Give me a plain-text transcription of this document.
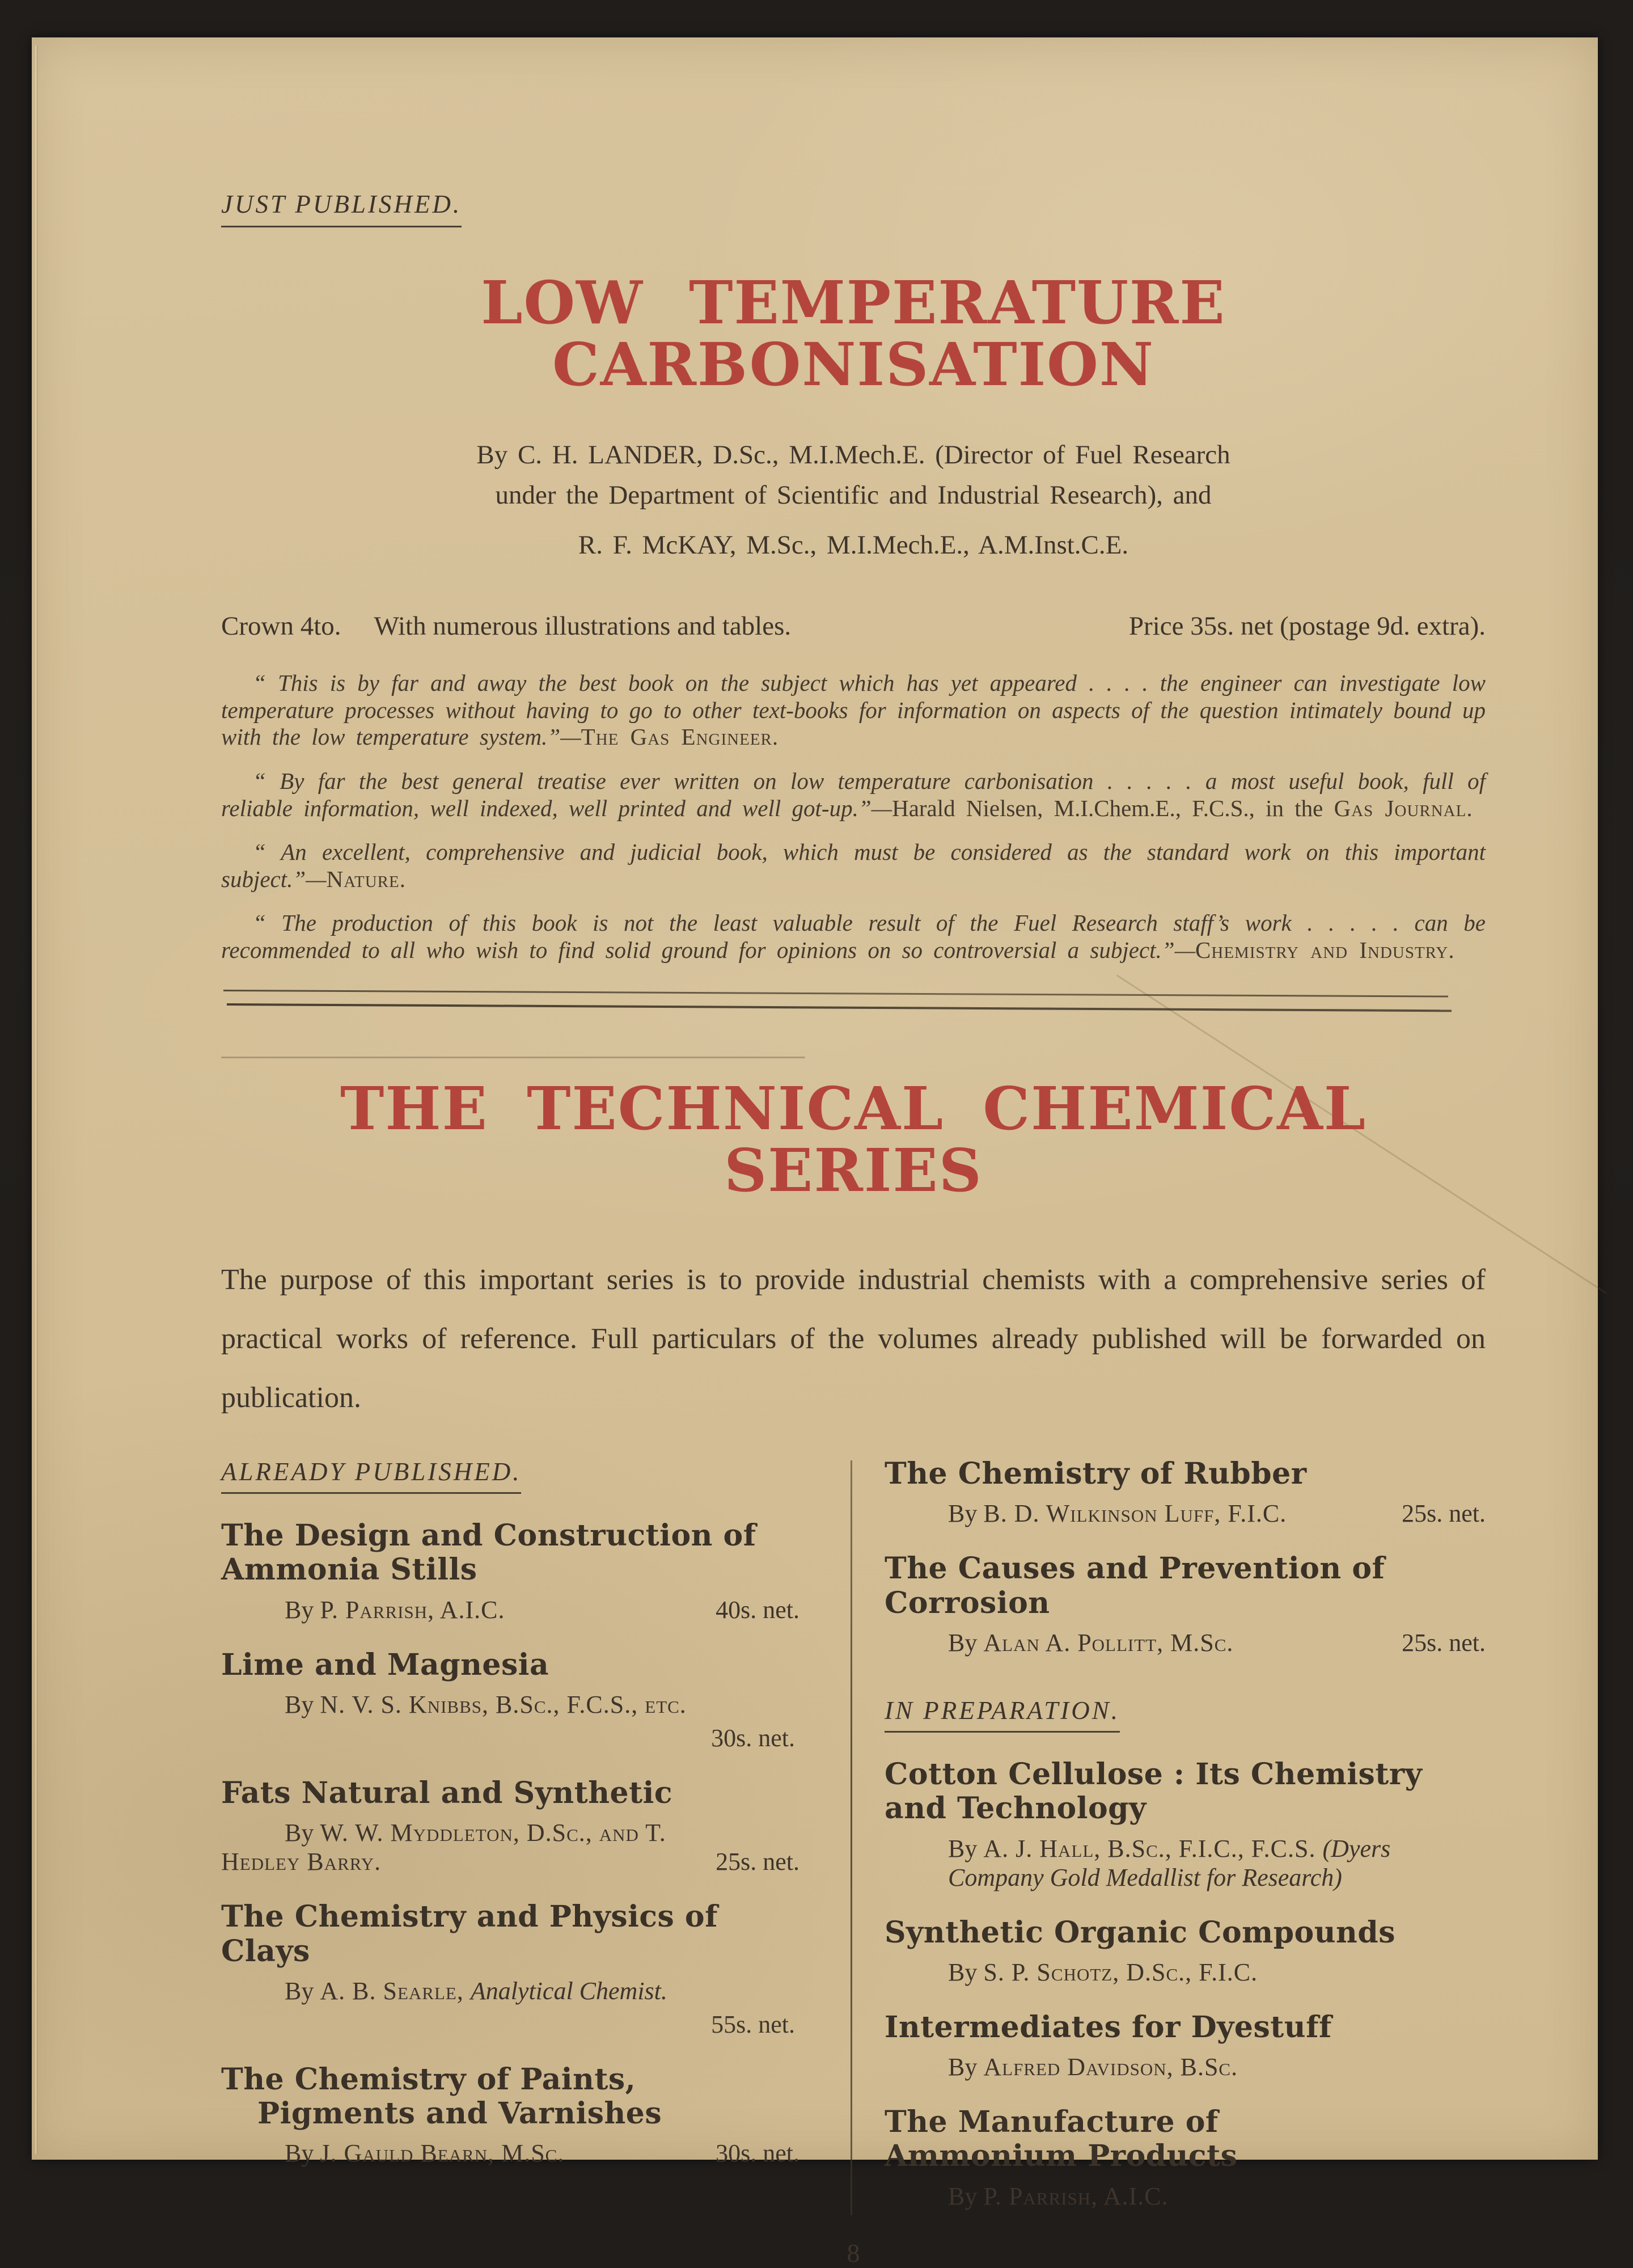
JUST PUBLISHED.
LOW TEMPERATURE CARBONISATION
By C. H. LANDER, D.Sc., M.I.Mech.E. (Director of Fuel Research
under the Department of Scientific and Industrial Research), and
R. F. McKAY, M.Sc., M.I.Mech.E., A.M.Inst.C.E.
Crown 4to. With numerous illustrations and tables.	Price 35s. net (postage 9d. extra).

“ This is by far and away the best book on the subject which has yet appeared . . . . the engineer can investigate low temperature processes without having to go to other text-books for information on aspects of the question intimately bound up with the low temperature system.”—The Gas Engineer.

“ By far the best general treatise ever written on low temperature carbonisation . . . . . a most useful book, full of reliable information, well indexed, well printed and well got-up.”—Harald Nielsen, M.I.Chem.E., F.C.S., in the Gas Journal.

“ An excellent, comprehensive and judicial book, which must be considered as the standard work on this important subject.”—Nature.

“ The production of this book is not the least valuable result of the Fuel Research staff’s work . . . . . can be recommended to all who wish to find solid ground for opinions on so controversial a subject.”—Chemistry and Industry.

THE TECHNICAL CHEMICAL SERIES

The purpose of this important series is to provide industrial chemists with a comprehensive series of practical works of reference. Full particulars of the volumes already published will be forwarded on publication.

ALREADY PUBLISHED.
The Design and Construction of Ammonia Stills
By P. Parrish, A.I.C.	40s. net.
Lime and Magnesia
By N. V. S. Knibbs, B.Sc., F.C.S., etc.
30s. net.
Fats Natural and Synthetic
By W. W. Myddleton, D.Sc., and T. Hedley Barry.	25s. net.
The Chemistry and Physics of Clays
By A. B. Searle, Analytical Chemist.
55s. net.
The Chemistry of Paints, Pigments and Varnishes
By J. Gauld Bearn, M.Sc.	30s. net.
The Chemistry of Rubber
By B. D. Wilkinson Luff, F.I.C.	25s. net.
The Causes and Prevention of Corrosion
By Alan A. Pollitt, M.Sc.	25s. net.
IN PREPARATION.
Cotton Cellulose : Its Chemistry and Technology
By A. J. Hall, B.Sc., F.I.C., F.C.S. (Dyers Company Gold Medallist for Research)
Synthetic Organic Compounds
By S. P. Schotz, D.Sc., F.I.C.
Intermediates for Dyestuff
By Alfred Davidson, B.Sc.
The Manufacture of Ammonium Products
By P. Parrish, A.I.C.
8
